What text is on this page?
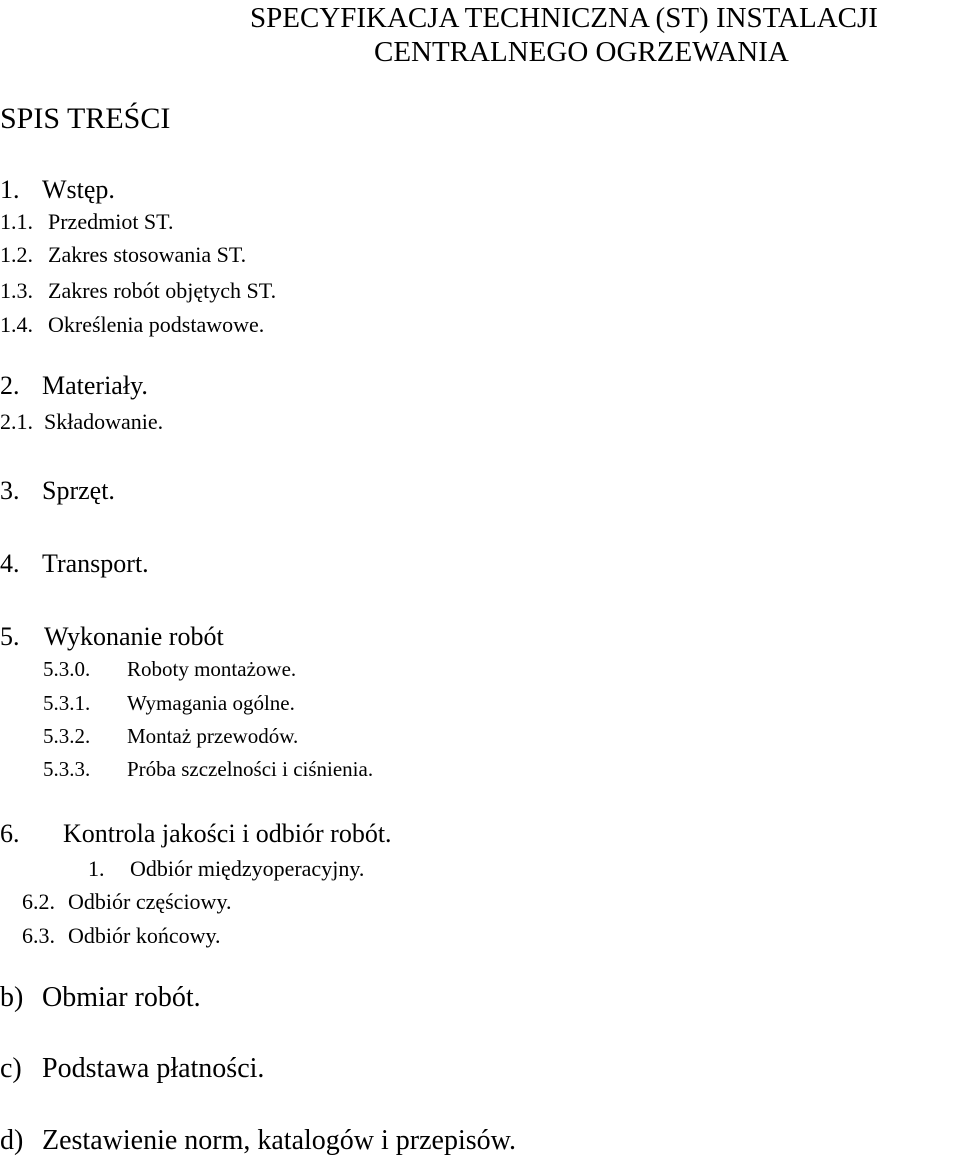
SPECYFIKACJA TECHNICZNA (ST) INSTALACJI
CENTRALNEGO OGRZEWANIA
SPIS TREŚCI
1. Wstęp.
1.1. Przedmiot ST.
1.2. Zakres stosowania ST.
1.3. Zakres robót objętych ST.
1.4. Określenia podstawowe.
2. Materiały.
2.1. Składowanie.
3. Sprzęt.
4. Transport.
5. Wykonanie robót
5.3.0. Roboty montażowe.
5.3.1. Wymagania ogólne.
5.3.2. Montaż przewodów.
5.3.3. Próba szczelności i ciśnienia.
6. Kontrola jakości i odbiór robót.
1. Odbiór międzyoperacyjny.
6.2. Odbiór częściowy.
6.3. Odbiór końcowy.
b) Obmiar robót.
c) Podstawa płatności.
d) Zestawienie norm, katalogów i przepisów.
